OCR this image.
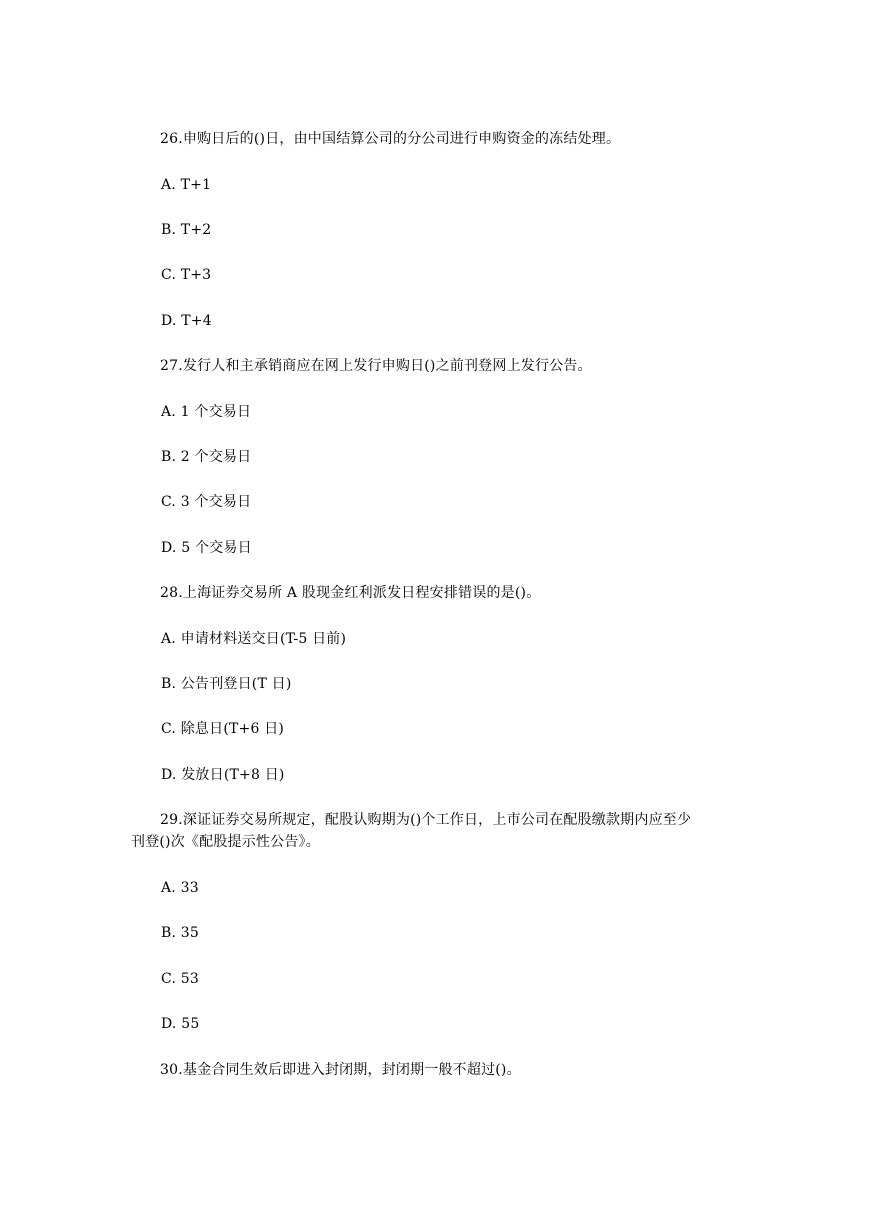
26.申购日后的()日，由中国结算公司的分公司进行申购资金的冻结处理。
A. T+1
B. T+2
C. T+3
D. T+4
27.发行人和主承销商应在网上发行申购日()之前刊登网上发行公告。
A. 1 个交易日
B. 2 个交易日
C. 3 个交易日
D. 5 个交易日
28.上海证券交易所 A 股现金红利派发日程安排错误的是()。
A. 申请材料送交日(T-5 日前)
B. 公告刊登日(T 日)
C. 除息日(T+6 日)
D. 发放日(T+8 日)
29.深证证券交易所规定，配股认购期为()个工作日，上市公司在配股缴款期内应至少
刊登()次《配股提示性公告》。
A. 33
B. 35
C. 53
D. 55
30.基金合同生效后即进入封闭期，封闭期一般不超过()。
